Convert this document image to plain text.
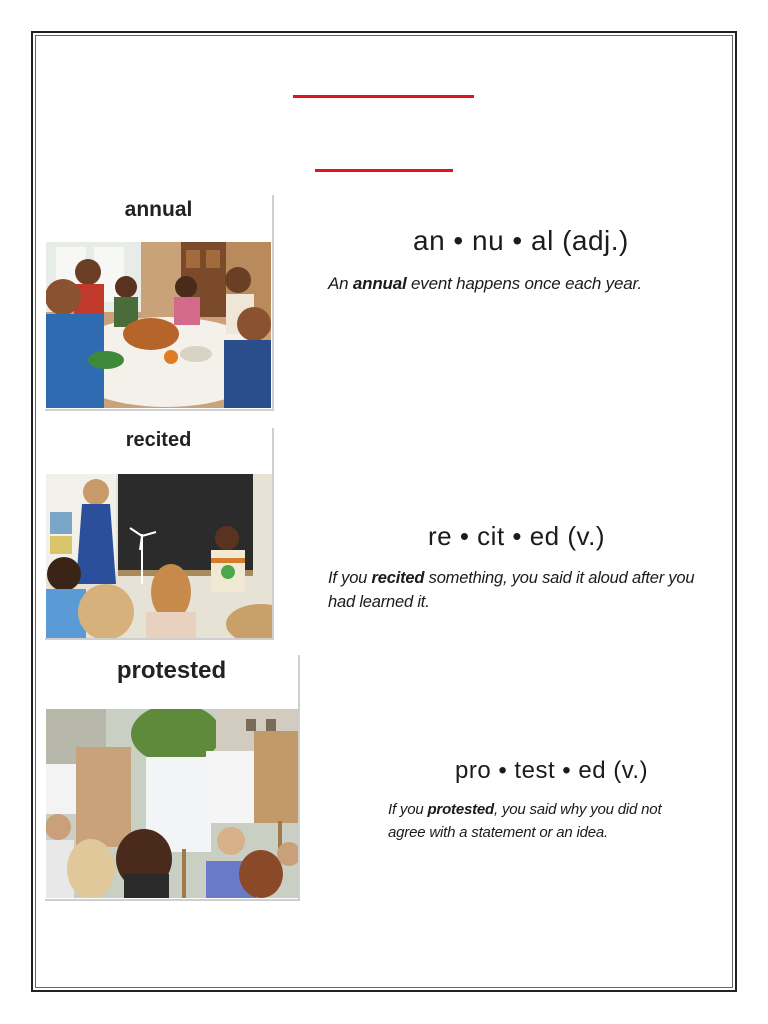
annual
an • nu • al (adj.)
An annual event happens once each year.
recited
re • cit • ed (v.)
If you recited something, you said it aloud after you had learned it.
protested
pro • test • ed (v.)
If you protested, you said why you did not agree with a statement or an idea.
